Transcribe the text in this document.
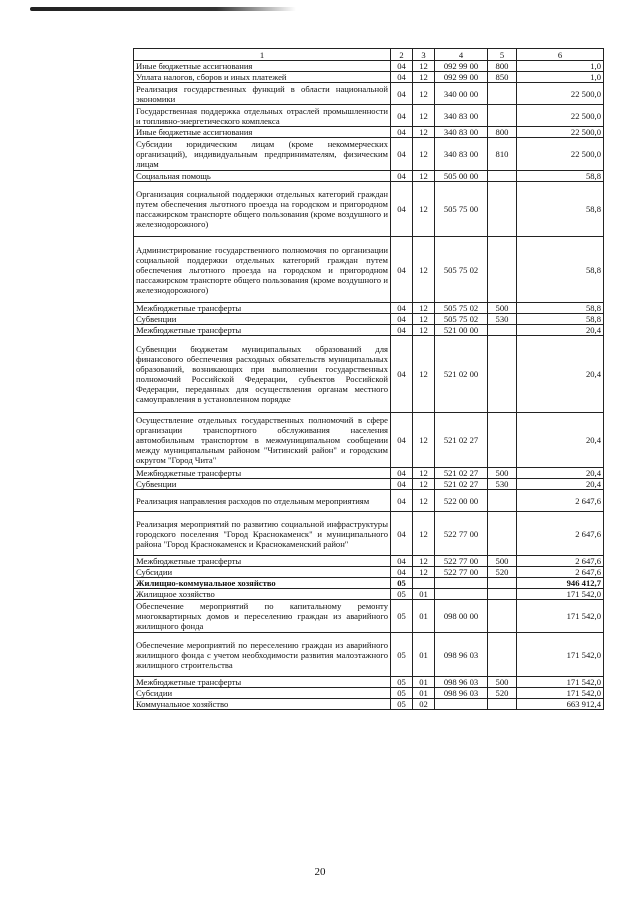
1	2	3	4	5	6
Иные бюджетные ассигнования	04	12	092 99 00	800	1,0
Уплата налогов, сборов и иных платежей	04	12	092 99 00	850	1,0
Реализация государственных функций в области национальной экономики	04	12	340 00 00		22 500,0
Государственная поддержка отдельных отраслей промышленности и топливно-энергетического комплекса	04	12	340 83 00		22 500,0
Иные бюджетные ассигнования	04	12	340 83 00	800	22 500,0
Субсидии юридическим лицам (кроме некоммерческих организаций), индивидуальным предпринимателям, физическим лицам	04	12	340 83 00	810	22 500,0
Социальная помощь	04	12	505 00 00		58,8
Организация социальной поддержки отдельных категорий граждан путем обеспечения льготного проезда на городском и пригородном пассажирском транспорте общего пользования (кроме воздушного и железнодорожного)	04	12	505 75 00		58,8
Администрирование государственного полномочия по организации социальной поддержки отдельных категорий граждан путем обеспечения льготного проезда на городском и пригородном пассажирском транспорте общего пользования (кроме воздушного и железнодорожного)	04	12	505 75 02		58,8
Межбюджетные трансферты	04	12	505 75 02	500	58,8
Субвенции	04	12	505 75 02	530	58,8
Межбюджетные трансферты	04	12	521 00 00		20,4
Субвенции бюджетам муниципальных образований для финансового обеспечения расходных обязательств муниципальных образований, возникающих при выполнении государственных полномочий Российской Федерации, субъектов Российской Федерации, переданных для осуществления органам местного самоуправления в установленном порядке	04	12	521 02 00		20,4
Осуществление отдельных государственных полномочий в сфере организации транспортного обслуживания населения автомобильным транспортом в межмуниципальном сообщении между муниципальным районом "Читинский район" и городским округом "Город Чита"	04	12	521 02 27		20,4
Межбюджетные трансферты	04	12	521 02 27	500	20,4
Субвенции	04	12	521 02 27	530	20,4
Реализация направления расходов по отдельным мероприятиям	04	12	522 00 00		2 647,6
Реализация мероприятий по развитию социальной инфраструктуры городского поселения "Город Краснокаменск" и муниципального района "Город Краснокаменск и Краснокаменский район"	04	12	522 77 00		2 647,6
Межбюджетные трансферты	04	12	522 77 00	500	2 647,6
Субсидии	04	12	522 77 00	520	2 647,6
Жилищно-коммунальное хозяйство	05				946 412,7
Жилищное хозяйство	05	01			171 542,0
Обеспечение мероприятий по капитальному ремонту многоквартирных домов и переселению граждан из аварийного жилищного фонда	05	01	098 00 00		171 542,0
Обеспечение мероприятий по переселению граждан из аварийного жилищного фонда с учетом необходимости развития малоэтажного жилищного строительства	05	01	098 96 03		171 542,0
Межбюджетные трансферты	05	01	098 96 03	500	171 542,0
Субсидии	05	01	098 96 03	520	171 542,0
Коммунальное хозяйство	05	02			663 912,4
20
